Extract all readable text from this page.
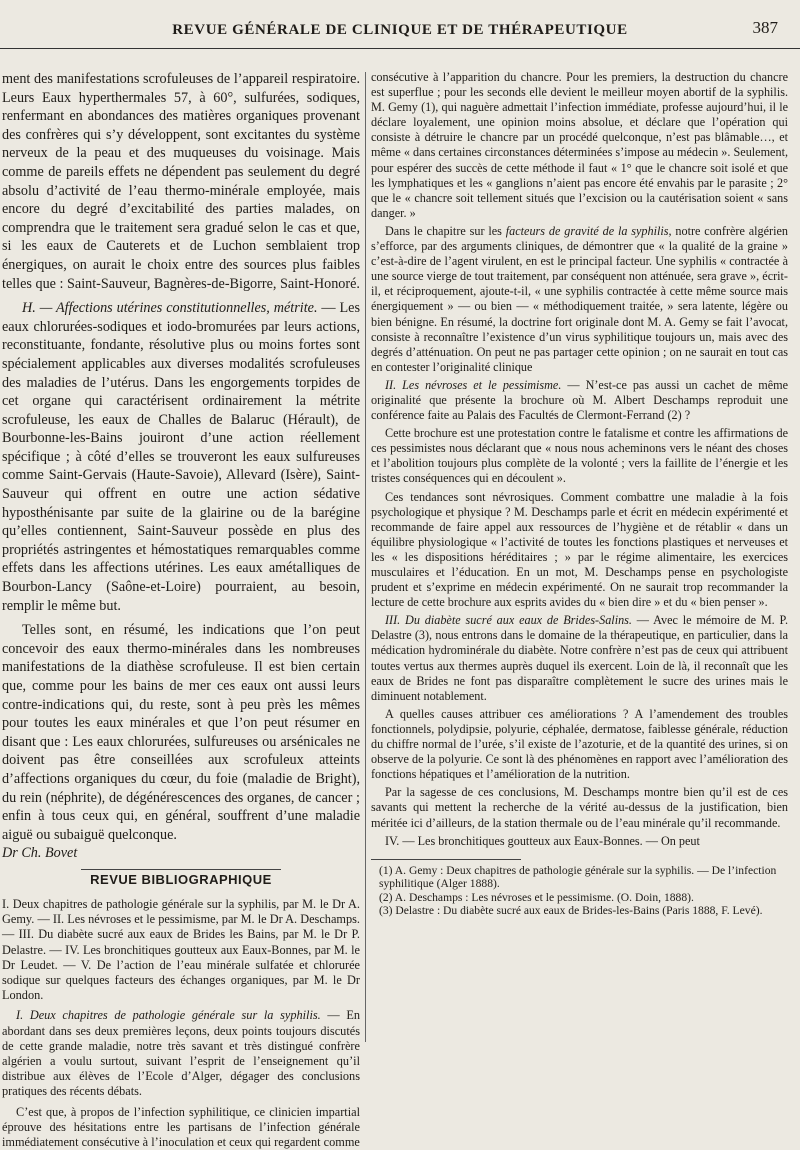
REVUE GÉNÉRALE DE CLINIQUE ET DE THÉRAPEUTIQUE	387

ment des manifestations scrofuleuses de l’appareil respiratoire. Leurs Eaux hyperthermales 57, à 60°, sulfurées, sodiques, renfermant en abondances des matières organiques provenant des confrères qui s’y développent, sont excitantes du système nerveux de la peau et des muqueuses du voisinage. Mais comme de pareils effets ne dépendent pas seulement du degré absolu d’activité de l’eau thermo-minérale employée, mais encore du degré d’excitabilité des parties malades, on comprendra que le traitement sera gradué selon le cas et que, si les eaux de Cauterets et de Luchon semblaient trop énergiques, on aurait le choix entre des sources plus faibles telles que : Saint-Sauveur, Bagnères-de-Bigorre, Saint-Honoré.

H. — Affections utérines constitutionnelles, métrite. — Les eaux chlorurées-sodiques et iodo-bromurées par leurs actions, reconstituante, fondante, résolutive plus ou moins fortes sont spécialement applicables aux diverses modalités scrofuleuses des maladies de l’utérus. Dans les engorgements torpides de cet organe qui caractérisent ordinairement la métrite scrofuleuse, les eaux de Challes de Balaruc (Hérault), de Bourbonne-les-Bains jouiront d’une action réellement spécifique ; à côté d’elles se trouveront les eaux sulfureuses comme Saint-Gervais (Haute-Savoie), Allevard (Isère), Saint-Sauveur qui offrent en outre une action sédative hyposthénisante par suite de la glairine ou de la barégine qu’elles contiennent, Saint-Sauveur possède en plus des propriétés astringentes et hémostatiques remarquables comme effets dans les affections utérines. Les eaux amétalliques de Bourbon-Lancy (Saône-et-Loire) pourraient, au besoin, remplir le même but.

Telles sont, en résumé, les indications que l’on peut concevoir des eaux thermo-minérales dans les nombreuses manifestations de la diathèse scrofuleuse. Il est bien certain que, comme pour les bains de mer ces eaux ont aussi leurs contre-indications qui, du reste, sont à peu près les mêmes pour toutes les eaux minérales et que l’on peut résumer en disant que : Les eaux chlorurées, sulfureuses ou arsénicales ne doivent pas être conseillées aux scrofuleux atteints d’affections organiques du cœur, du foie (maladie de Bright), du rein (néphrite), de dégénérescences des organes, de cancer ; enfin à tous ceux qui, en général, souffrent d’une maladie aiguë ou subaiguë quelconque.

Dr Ch. Bovet

REVUE BIBLIOGRAPHIQUE

I. Deux chapitres de pathologie générale sur la syphilis, par M. le Dr A. Gemy. — II. Les névroses et le pessimisme, par M. le Dr A. Deschamps. — III. Du diabète sucré aux eaux de Brides les Bains, par M. le Dr P. Delastre. — IV. Les bronchitiques goutteux aux Eaux-Bonnes, par M. le Dr Leudet. — V. De l’action de l’eau minérale sulfatée et chlorurée sodique sur quelques facteurs des échanges organiques, par M. le Dr London.

I. Deux chapitres de pathologie générale sur la syphilis. — En abordant dans ses deux premières leçons, deux points toujours discutés de cette grande maladie, notre très savant et très distingué confrère algérien a voulu surtout, suivant l’esprit de l’enseignement qu’il distribue aux élèves de l’Ecole d’Alger, dégager des conclusions pratiques des récents débats.

C’est que, à propos de l’infection syphilitique, ce clinicien impartial éprouve des hésitations entre les partisans de l’infection générale immédiatement consécutive à l’inoculation et ceux qui regardent comme

consécutive à l’apparition du chancre. Pour les premiers, la destruction du chancre est superflue ; pour les seconds elle devient le meilleur moyen abortif de la syphilis. M. Gemy (1), qui naguère admettait l’infection immédiate, professe aujourd’hui, il le déclare loyalement, une opinion moins absolue, et déclare que l’opération qui consiste à détruire le chancre par un procédé quelconque, n’est pas blâmable…, et même « dans certaines circonstances déterminées s’impose au médecin ». Seulement, pour espérer des succès de cette méthode il faut « 1° que le chancre soit isolé et que les lymphatiques et les « ganglions n’aient pas encore été envahis par le parasite ; 2° que le « chancre soit tellement situés que l’excision ou la cautérisation soient « sans danger. »

Dans le chapitre sur les facteurs de gravité de la syphilis, notre confrère algérien s’efforce, par des arguments cliniques, de démontrer que « la qualité de la graine » c’est-à-dire de l’agent virulent, en est le principal facteur. Une syphilis « contractée à une source vierge de tout traitement, par conséquent non atténuée, sera grave », écrit-il, et réciproquement, ajoute-t-il, « une syphilis contractée à cette même source mais énergiquement » — ou bien — « méthodiquement traitée, » sera latente, légère ou bien bénigne. En résumé, la doctrine fort originale dont M. A. Gemy se fait l’avocat, consiste à reconnaître l’existence d’un virus syphilitique toujours un, mais avec des degrés d’atténuation. On peut ne pas partager cette opinion ; on ne saurait en tout cas en contester l’originalité clinique

II. Les névroses et le pessimisme. — N’est-ce pas aussi un cachet de même originalité que présente la brochure où M. Albert Deschamps reproduit une conférence faite au Palais des Facultés de Clermont-Ferrand (2) ?

Cette brochure est une protestation contre le fatalisme et contre les affirmations de ces pessimistes nous déclarant que « nous nous acheminons vers le néant des choses et l’abolition toujours plus complète de la volonté ; vers la faillite de l’énergie et les tristes conséquences qui en découlent ».

Ces tendances sont névrosiques. Comment combattre une maladie à la fois psychologique et physique ? M. Deschamps parle et écrit en médecin expérimenté et recommande de faire appel aux ressources de l’hygiène et de rétablir « dans un équilibre physiologique « l’activité de toutes les fonctions plastiques et nerveuses et les « les dispositions héréditaires ; » par le régime alimentaire, les exercices musculaires et l’éducation. En un mot, M. Deschamps pense en psychologiste prudent et s’exprime en médecin expérimenté. On ne saurait trop recommander la lecture de cette brochure aux esprits avides du « bien dire » et du « bien penser ».

III. Du diabète sucré aux eaux de Brides-Salins. — Avec le mémoire de M. P. Delastre (3), nous entrons dans le domaine de la thérapeutique, en particulier, dans la médication hydrominérale du diabète. Notre confrère n’est pas de ceux qui attribuent toutes vertus aux thermes auprès duquel ils exercent. Loin de là, il reconnaît que les eaux de Brides ne font pas disparaître complètement le sucre des urines mais le diminuent notablement.

A quelles causes attribuer ces améliorations ? A l’amendement des troubles fonctionnels, polydipsie, polyurie, céphalée, dermatose, faiblesse générale, réduction du chiffre normal de l’urée, s’il existe de l’azoturie, et de la quantité des urines, si on observe de la polyurie. Ce sont là des phénomènes en rapport avec l’amélioration des fonctions hépatiques et l’amélioration de la nutrition.

Par la sagesse de ces conclusions, M. Deschamps montre bien qu’il est de ces savants qui mettent la recherche de la vérité au-dessus de la justification, bien méritée ici d’ailleurs, de la station thermale ou de l’eau minérale qu’il recommande.

IV. — Les bronchitiques goutteux aux Eaux-Bonnes. — On peut

(1) A. Gemy : Deux chapitres de pathologie générale sur la syphilis. — De l’infection syphilitique (Alger 1888).

(2) A. Deschamps : Les névroses et le pessimisme. (O. Doin, 1888).

(3) Delastre : Du diabète sucré aux eaux de Brides-les-Bains (Paris 1888, F. Levé).
